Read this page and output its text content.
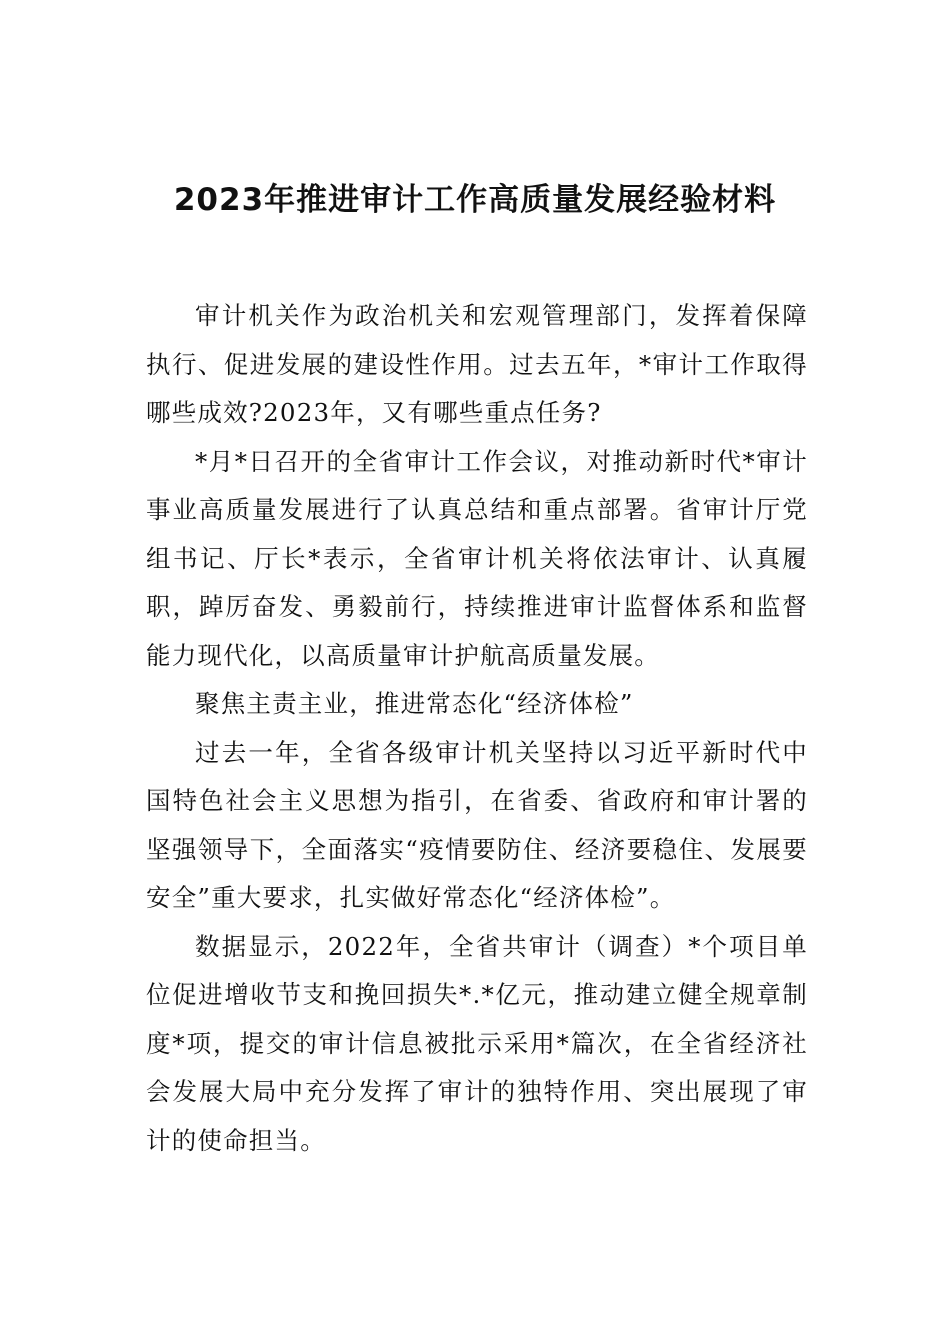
2023年推进审计工作高质量发展经验材料

审计机关作为政治机关和宏观管理部门，发挥着保障执行、促进发展的建设性作用。过去五年，*审计工作取得哪些成效?2023年，又有哪些重点任务?

*月*日召开的全省审计工作会议，对推动新时代*审计事业高质量发展进行了认真总结和重点部署。省审计厅党组书记、厅长*表示，全省审计机关将依法审计、认真履职，踔厉奋发、勇毅前行，持续推进审计监督体系和监督能力现代化，以高质量审计护航高质量发展。

聚焦主责主业，推进常态化“经济体检”

过去一年，全省各级审计机关坚持以习近平新时代中国特色社会主义思想为指引，在省委、省政府和审计署的坚强领导下，全面落实“疫情要防住、经济要稳住、发展要安全”重大要求，扎实做好常态化“经济体检”。

数据显示，2022年，全省共审计（调查）*个项目单位促进增收节支和挽回损失*.*亿元，推动建立健全规章制度*项，提交的审计信息被批示采用*篇次，在全省经济社会发展大局中充分发挥了审计的独特作用、突出展现了审计的使命担当。
